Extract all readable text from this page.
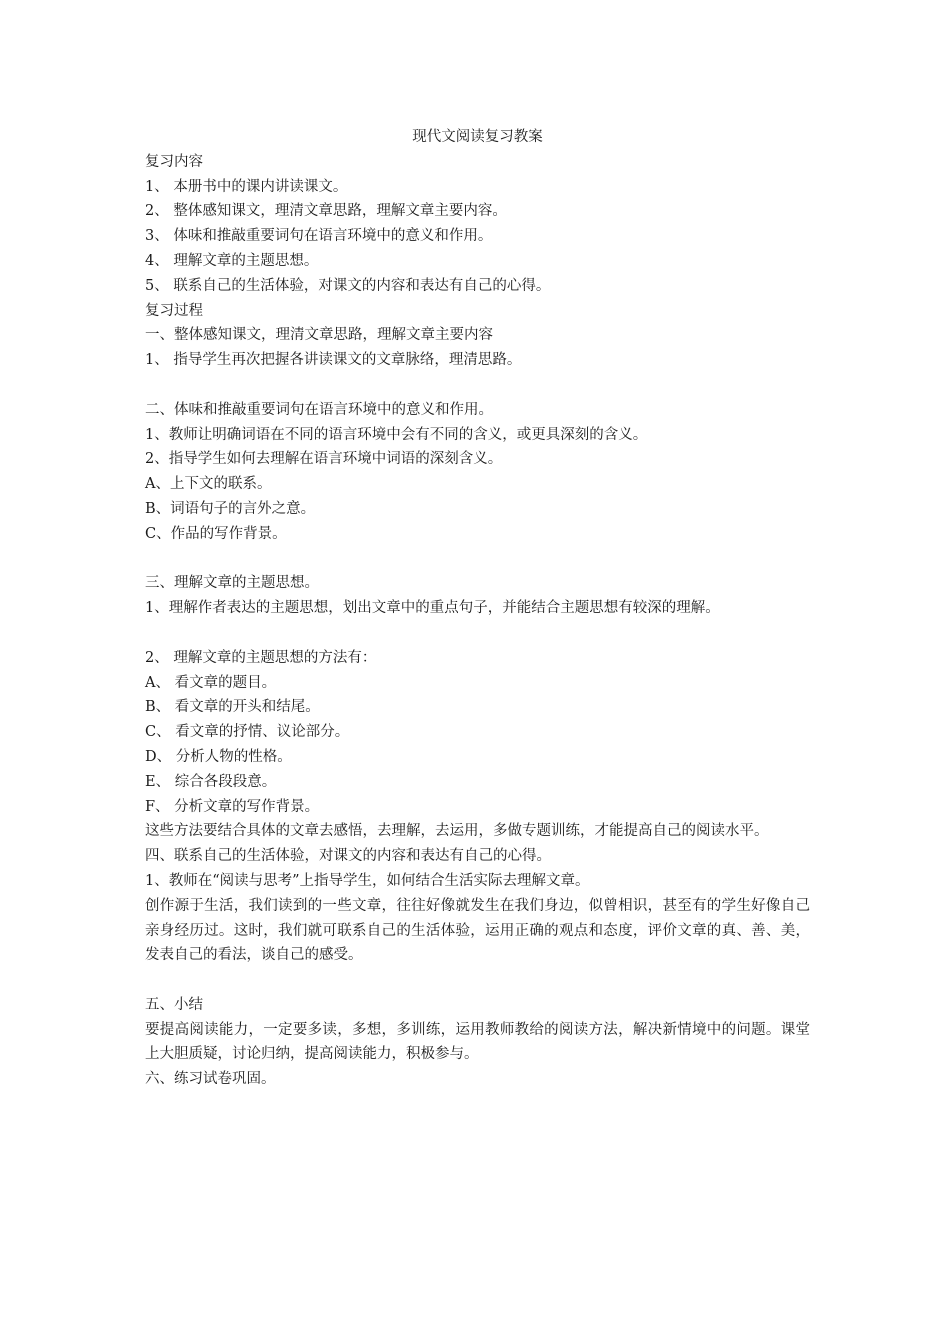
现代文阅读复习教案
复习内容
1、 本册书中的课内讲读课文。
2、 整体感知课文，理清文章思路，理解文章主要内容。
3、 体味和推敲重要词句在语言环境中的意义和作用。
4、 理解文章的主题思想。
5、 联系自己的生活体验，对课文的内容和表达有自己的心得。
复习过程
一、整体感知课文，理清文章思路，理解文章主要内容
1、 指导学生再次把握各讲读课文的文章脉络，理清思路。
二、体味和推敲重要词句在语言环境中的意义和作用。
1、教师让明确词语在不同的语言环境中会有不同的含义，或更具深刻的含义。
2、指导学生如何去理解在语言环境中词语的深刻含义。
A、上下文的联系。
B、词语句子的言外之意。
C、作品的写作背景。
三、理解文章的主题思想。
1、理解作者表达的主题思想，划出文章中的重点句子，并能结合主题思想有较深的理解。
2、 理解文章的主题思想的方法有：
A、 看文章的题目。
B、 看文章的开头和结尾。
C、 看文章的抒情、议论部分。
D、 分析人物的性格。
E、 综合各段段意。
F、 分析文章的写作背景。
这些方法要结合具体的文章去感悟，去理解，去运用，多做专题训练，才能提高自己的阅读水平。
四、联系自己的生活体验，对课文的内容和表达有自己的心得。
1、教师在“阅读与思考”上指导学生，如何结合生活实际去理解文章。
创作源于生活，我们读到的一些文章，往往好像就发生在我们身边，似曾相识，甚至有的学生好像自己亲身经历过。这时，我们就可联系自己的生活体验，运用正确的观点和态度，评价文章的真、善、美，发表自己的看法，谈自己的感受。
五、小结
要提高阅读能力，一定要多读，多想，多训练，运用教师教给的阅读方法，解决新情境中的问题。课堂上大胆质疑，讨论归纳，提高阅读能力，积极参与。
六、练习试卷巩固。
